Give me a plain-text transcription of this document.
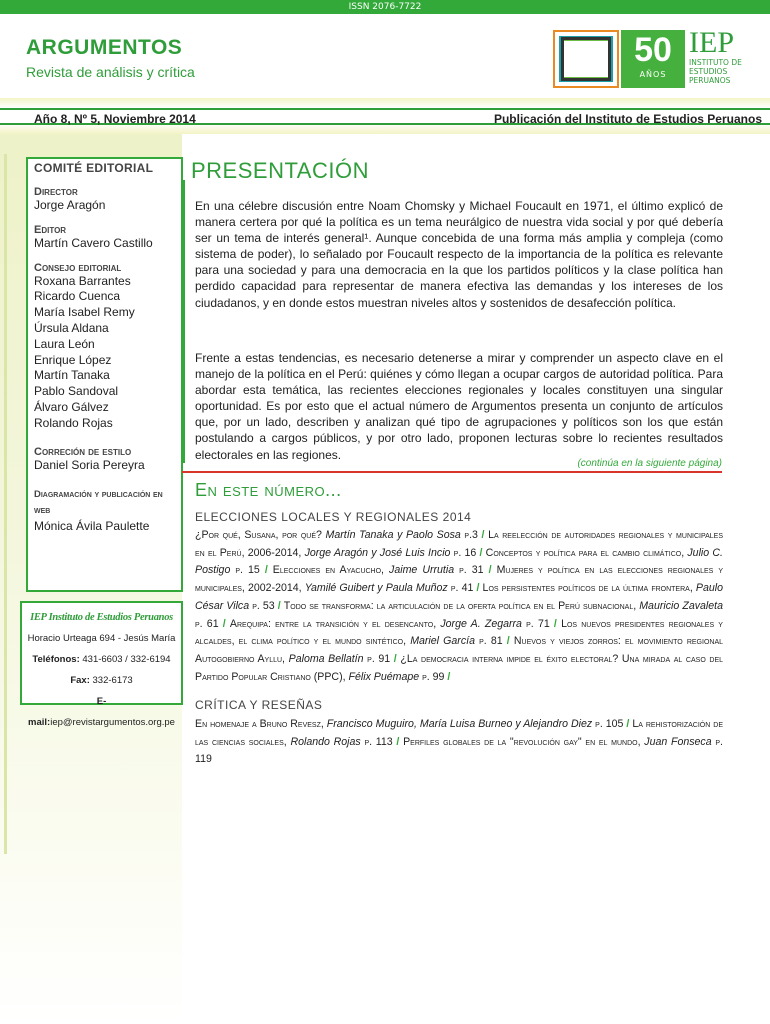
ISSN 2076-7722
ARGUMENTOS
Revista de análisis y crítica
50
AÑOS
IEP
INSTITUTO DE
ESTUDIOS
PERUANOS
Año 8, Nº 5, Noviembre 2014	Publicación del Instituto de Estudios Peruanos
COMITÉ EDITORIAL
Director
Jorge Aragón
Editor
Martín Cavero Castillo
Consejo editorial
Roxana Barrantes
Ricardo Cuenca
María Isabel Remy
Úrsula Aldana
Laura León
Enrique López
Martín Tanaka
Pablo Sandoval
Álvaro Gálvez
Rolando Rojas
Correción de estilo
Daniel Soria Pereyra
Diagramación y publicación en web
Mónica Ávila Paulette
IEP Instituto de Estudios Peruanos
Horacio Urteaga 694 - Jesús María
Teléfonos: 431-6603 / 332-6194
Fax: 332-6173
E-mail:iep@revistargumentos.org.pe
PRESENTACIÓN
En una célebre discusión entre Noam Chomsky y Michael Foucault en 1971, el último explicó de manera certera por qué la política es un tema neurálgico de nuestra vida social y por qué debería ser un tema de interés general¹. Aunque concebida de una forma más amplia y compleja (como sistema de poder), lo señalado por Foucault respecto de la importancia de la política es relevante para una sociedad y para una democracia en la que los partidos políticos y la clase política han perdido capacidad para representar de manera efectiva las demandas y los intereses de los ciudadanos, y en donde estos muestran niveles altos y sostenidos de desafección política.
Frente a estas tendencias, es necesario detenerse a mirar y comprender un aspecto clave en el manejo de la política en el Perú: quiénes y cómo llegan a ocupar cargos de autoridad política. Para abordar esta temática, las recientes elecciones regionales y locales constituyen una singular oportunidad. Es por esto que el actual número de Argumentos presenta un conjunto de artículos que, por un lado, describen y analizan qué tipo de agrupaciones y políticos son los que están postulando a cargos públicos, y por otro lado, proponen lecturas sobre lo recientes resultados electorales en las regiones.
(continúa en la siguiente página)
En este número...
ELECCIONES LOCALES Y REGIONALES 2014
¿Por qué, Susana, por qué? Martín Tanaka y Paolo Sosa p.3 / La reelección de autoridades regionales y municipales en el Perú, 2006-2014, Jorge Aragón y José Luis Incio p. 16 / Conceptos y política para el cambio climático, Julio C. Postigo p. 15 / Elecciones en Ayacucho, Jaime Urrutia p. 31 / Mujeres y política en las elecciones regionales y municipales, 2002-2014, Yamilé Guibert y Paula Muñoz p. 41 / Los persistentes políticos de la última frontera, Paulo César Vilca p. 53 / Todo se transforma: la articulación de la oferta política en el Perú subnacional, Mauricio Zavaleta p. 61 / Arequipa: entre la transición y el desencanto, Jorge A. Zegarra p. 71 / Los nuevos presidentes regionales y alcaldes, el clima político y el mundo sintético, Mariel García p. 81 / Nuevos y viejos zorros: el movimiento regional Autogobierno Ayllu, Paloma Bellatín p. 91 / ¿La democracia interna impide el éxito electoral? Una mirada al caso del Partido Popular Cristiano (PPC), Félix Puémape p. 99 /
CRÍTICA Y RESEÑAS
En homenaje a Bruno Revesz, Francisco Muguiro, María Luisa Burneo y Alejandro Diez p. 105 / La rehistorización de las ciencias sociales, Rolando Rojas p. 113 / Perfiles globales de la "revolución gay" en el mundo, Juan Fonseca p. 119
